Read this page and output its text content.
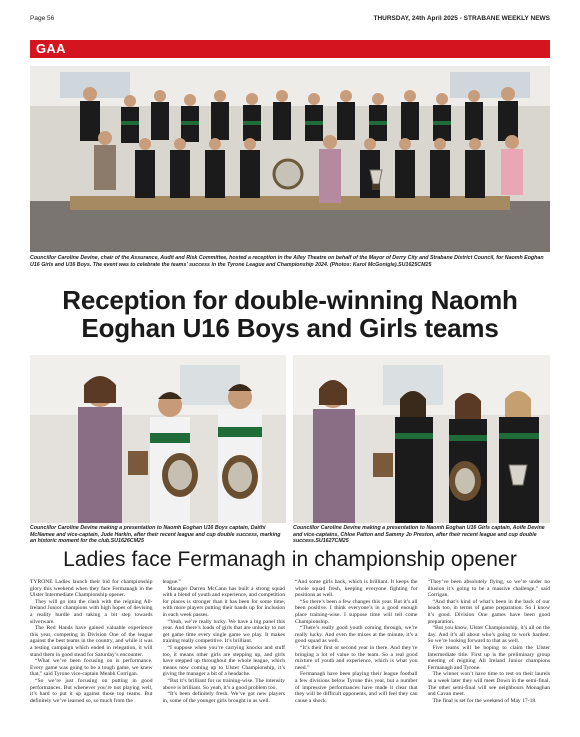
Page 56	THURSDAY, 24th April 2025 - STRABANE WEEKLY NEWS
GAA
Councillor Caroline Devine, chair of the Assurance, Audit and Risk Committee, hosted a reception in the Alley Theatre on behalf of the Mayor of Derry City and Strabane District Council, for Naomh Eoghan U16 Girls and U16 Boys. The event was to celebrate the teams’ success in the Tyrone League and Championship 2024. (Photos: Karol McGonigle).SU1625CM25
Reception for double-winning Naomh Eoghan U16 Boys and Girls teams
Councillor Caroline Devine making a presentation to Naomh Eoghan U16 Boys captain, Daithi McNamee and vice-captain, Jude Harkin, after their recent league and cup double success, marking an historic moment for the club.SU1626CM25
Councillor Caroline Devine making a presentation to Naomh Eoghan U16 Girls captain, Aoife Devine and vice-captains, Chloe Patton and Sammy Jo Preston, after their recent league and cup double success.SU1627CM25
Ladies face Fermanagh in championship opener

TYRONE Ladies launch their bid for championship glory this weekend when they face Fermanagh in the Ulster Intermediate Championship opener.

They will go into the clash with the reigning All-Ireland Junior champions with high hopes of devising a reality hurdle and taking a bit step towards silverware.

The Red Hands have gained valuable experience this year, competing in Division One of the league against the best teams in the country, and while it was a testing campaign which ended in relegation, it will stand them in good stead for Saturday’s encounter.

“What we’ve been focusing on is performance. Every game was going to be a tough game, we knew that,” said Tyrone vice-captain Meabh Corrigan.

“So we’re just focusing on putting in good performances. But whenever you’re not playing well, it’s hard to put it up against those top teams. But definitely we’ve learned so, so much from the

league.”

Manager Darren McCann has built a strong squad with a blend of youth and experience, and competition for places is stronger than it has been for some time, with more players putting their hands up for inclusion in each week passes.

“Yeah, we’re really lucky. We have a big panel this year. And there’s loads of girls that are unlucky to not get game time every single game we play. It makes training really competitive. It’s brilliant.

“I suppose when you’re carrying knocks and stuff too, it means other girls are stepping up, and girls have stepped up throughout the whole league, which means now coming up to Ulster Championship, it’s giving the manager a bit of a headache.

“But it’s brilliant for us training-wise. The intensity above is brilliant. So yeah, it’s a good problem too.

“It’s been definitely fresh. We’ve got new players in, some of the younger girls brought in as well.

“And some girls back, which is brilliant. It keeps the whole squad fresh, keeping everyone fighting for positions as well.

“So there’s been a few changes this year. But it’s all been positive. I think everyone’s in a good enough place training-wise. I suppose time will tell come Championship.

“There’s really good youth coming through, we’re really lucky. And even the mixes at the minute, it’s a good squad as well.

“It’s their first or second year in there. And they’re bringing a lot of value to the team. So a real good mixture of youth and experience, which is what you need.”

Fermanagh have been playing their league football a few divisions below Tyrone this year, but a number of impressive performances have made it clear that they will be difficult opponents, and will feel they can cause a shock.

“They’ve been absolutely flying, so we’re under no illusion it’s going to be a massive challenge,” said Corrigan.

“And that’s kind of what’s been in the back of our heads too, in terms of game preparation. So I know it’s good. Division One games have been good preparation.

“But you know, Ulster Championship, it’s all on the day. And it’s all about who’s going to work hardest. So we’re looking forward to that as well.

Five teams will be hoping to claim the Ulster Intermediate title. First up is the preliminary group meeting of reigning All Ireland Junior champions Fermanagh and Tyrone.

The winner won’t have time to rest on their laurels as a week later they will meet Down in the semi-final. The other semi-final will see neighbours Monaghan and Cavan meet.

The final is set for the weekend of May 17-18.
